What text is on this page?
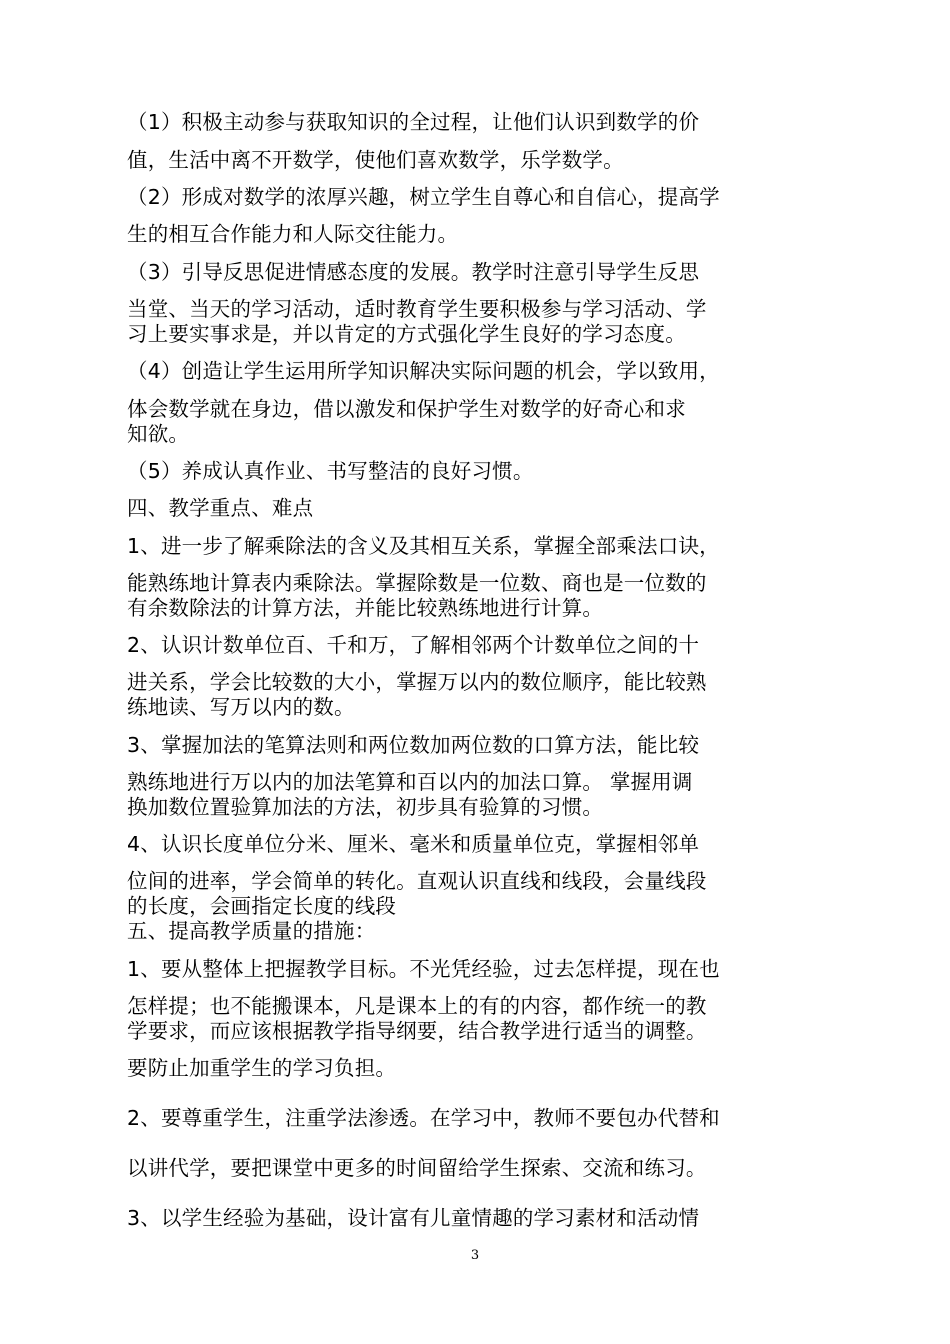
（1）积极主动参与获取知识的全过程，让他们认识到数学的价
值，生活中离不开数学，使他们喜欢数学，乐学数学。
（2）形成对数学的浓厚兴趣，树立学生自尊心和自信心，提高学
生的相互合作能力和人际交往能力。
（3）引导反思促进情感态度的发展。教学时注意引导学生反思
当堂、当天的学习活动，适时教育学生要积极参与学习活动、学
习上要实事求是，并以肯定的方式强化学生良好的学习态度。
（4）创造让学生运用所学知识解决实际问题的机会，学以致用，
体会数学就在身边，借以激发和保护学生对数学的好奇心和求
知欲。
（5）养成认真作业、书写整洁的良好习惯。
四、教学重点、难点
1、进一步了解乘除法的含义及其相互关系，掌握全部乘法口诀，
能熟练地计算表内乘除法。掌握除数是一位数、商也是一位数的
有余数除法的计算方法，并能比较熟练地进行计算。
2、认识计数单位百、千和万，了解相邻两个计数单位之间的十
进关系，学会比较数的大小，掌握万以内的数位顺序，能比较熟
练地读、写万以内的数。
3、掌握加法的笔算法则和两位数加两位数的口算方法，能比较
熟练地进行万以内的加法笔算和百以内的加法口算。 掌握用调
换加数位置验算加法的方法，初步具有验算的习惯。
4、认识长度单位分米、厘米、毫米和质量单位克，掌握相邻单
位间的进率，学会简单的转化。直观认识直线和线段，会量线段
的长度，会画指定长度的线段
五、提高教学质量的措施：
1、要从整体上把握教学目标。不光凭经验，过去怎样提，现在也
怎样提；也不能搬课本，凡是课本上的有的内容，都作统一的教
学要求，而应该根据教学指导纲要，结合教学进行适当的调整。
要防止加重学生的学习负担。
2、要尊重学生，注重学法渗透。在学习中，教师不要包办代替和
以讲代学，要把课堂中更多的时间留给学生探索、交流和练习。
3、以学生经验为基础，设计富有儿童情趣的学习素材和活动情
3
